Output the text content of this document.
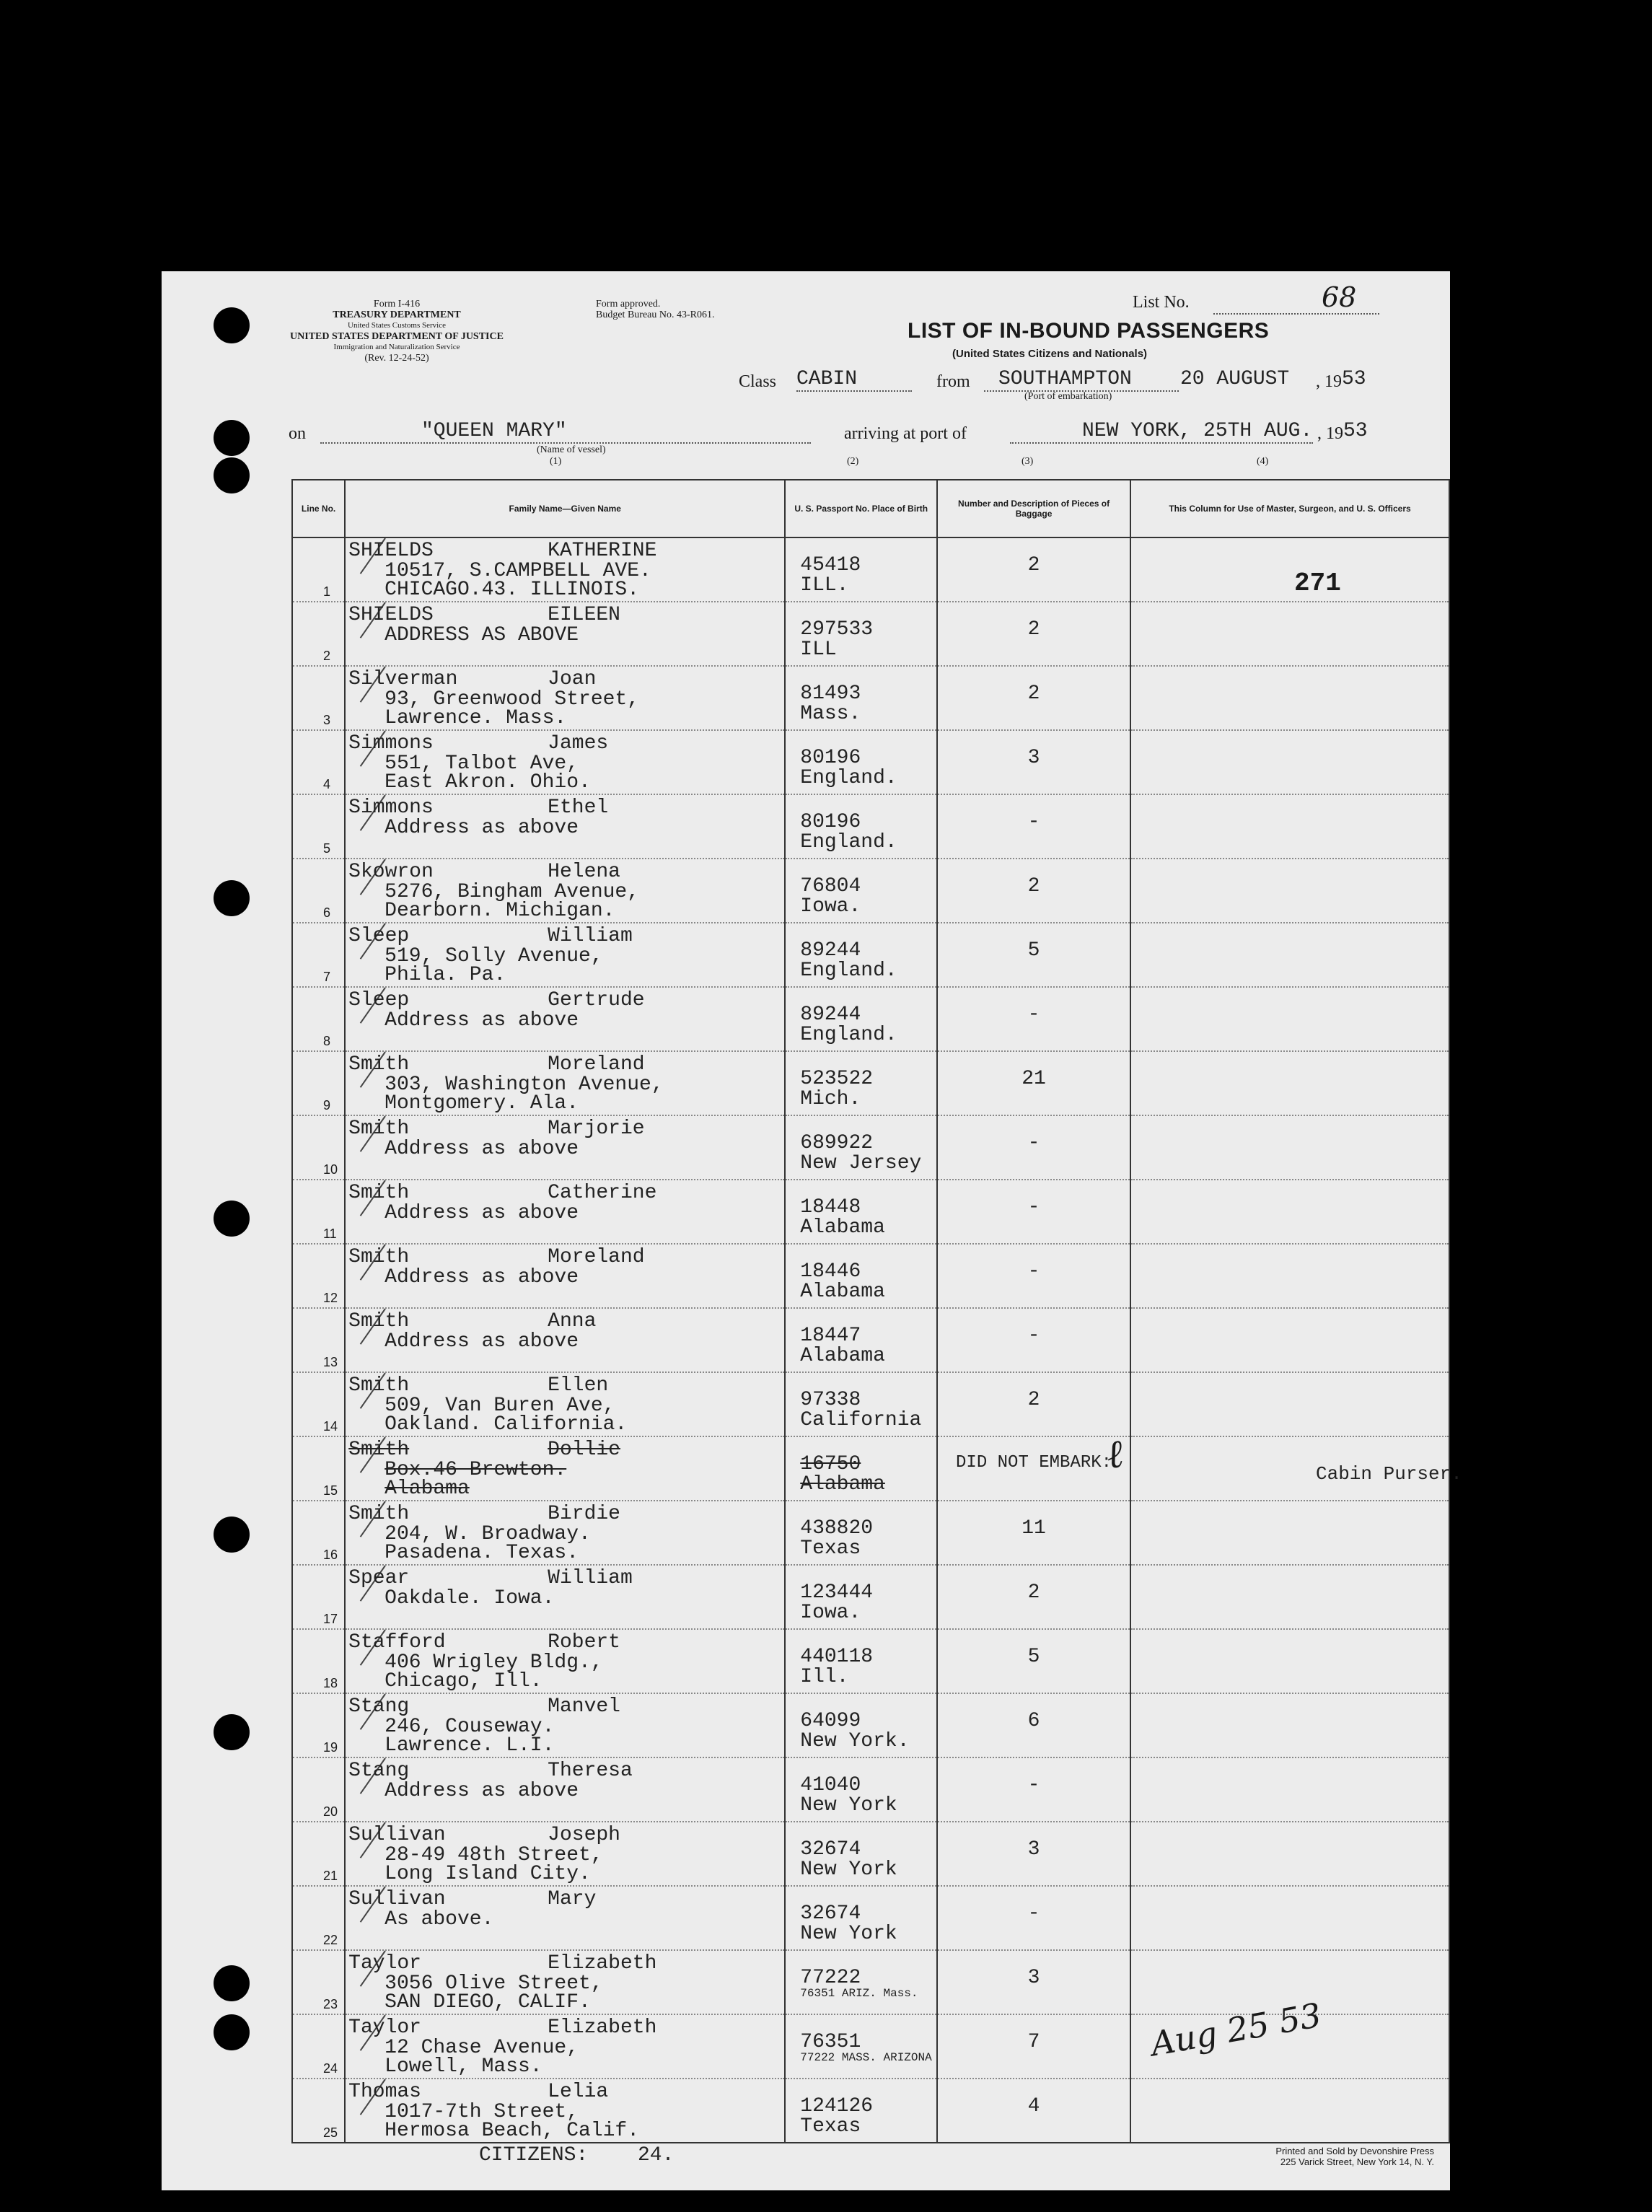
Form I-416
TREASURY DEPARTMENT
United States Customs Service
UNITED STATES DEPARTMENT OF JUSTICE
Immigration and Naturalization Service
(Rev. 12-24-52)
Form approved.
Budget Bureau No. 43-R061.
List No.	68
LIST OF IN-BOUND PASSENGERS
(United States Citizens and Nationals)
Class CABIN	from	SOUTHAMPTON	20 AUGUST , 19 53
(Port of embarkation)
on	"QUEEN MARY"
(Name of vessel)
arriving at port of	NEW YORK, 25TH AUG. , 19 53
(1)	(2)	(3)	(4)
Line No.	Family Name—Given Name	U. S. Passport No. Place of Birth	Number and Description of Pieces of Baggage	This Column for Use of Master, Surgeon, and U. S. Officers

1	SHIELDS KATHERINE
10517, S.CAMPBELL AVE.
CHICAGO.43. ILLINOIS.	45418
ILL.	2	

2	SHIELDS EILEEN
ADDRESS AS ABOVE	297533
ILL	2	

3	Silverman Joan
93, Greenwood Street,
Lawrence. Mass.	81493
Mass.	2	

4	Simmons James
551, Talbot Ave,
East Akron. Ohio.	80196
England.	3	

5	Simmons Ethel
Address as above	80196
England.	-	

6	Skowron Helena
5276, Bingham Avenue,
Dearborn. Michigan.	76804
Iowa.	2	

7	Sleep William
519, Solly Avenue,
Phila. Pa.	89244
England.	5	

8	Sleep Gertrude
Address as above	89244
England.	-	

9	Smith Moreland
303, Washington Avenue,
Montgomery. Ala.	523522
Mich.	21	

10	Smith Marjorie
Address as above	689922
New Jersey	-	

11	Smith Catherine
Address as above	18448
Alabama	-	

12	Smith Moreland
Address as above	18446
Alabama	-	

13	Smith Anna
Address as above	18447
Alabama	-	

14	Smith Ellen
509, Van Buren Ave,
Oakland. California.	97338
California	2	

15	Smith Dollie
Box.46 Brewton.
Alabama	16750
Alabama	DID NOT EMBARK:	

16	Smith Birdie
204, W. Broadway.
Pasadena. Texas.	438820
Texas	11	

17	Spear William
Oakdale. Iowa.	123444
Iowa.	2	

18	Stafford Robert
406 Wrigley Bldg.,
Chicago, Ill.	440118
Ill.	5	

19	Stang Manvel
246, Couseway.
Lawrence. L.I.	64099
New York.	6	

20	Stang Theresa
Address as above	41040
New York	-	

21	Sullivan Joseph
28-49 48th Street,
Long Island City.	32674
New York	3	

22	Sullivan Mary
As above.	32674
New York	-	

23	Taylor Elizabeth
3056 Olive Street,
SAN DIEGO, CALIF.	77222
76351 ARIZ. Mass.	3	

24	Taylor Elizabeth
12 Chase Avenue,
Lowell, Mass.	76351
77222 MASS. ARIZONA	7	

25	Thomas Lelia
1017-7th Street,
Hermosa Beach, Calif.	124126
Texas	4	

271
Cabin Purser.
ℓ
Aug 25 53
CITIZENS: 24.	Printed and Sold by Devonshire Press
225 Varick Street, New York 14, N. Y.
